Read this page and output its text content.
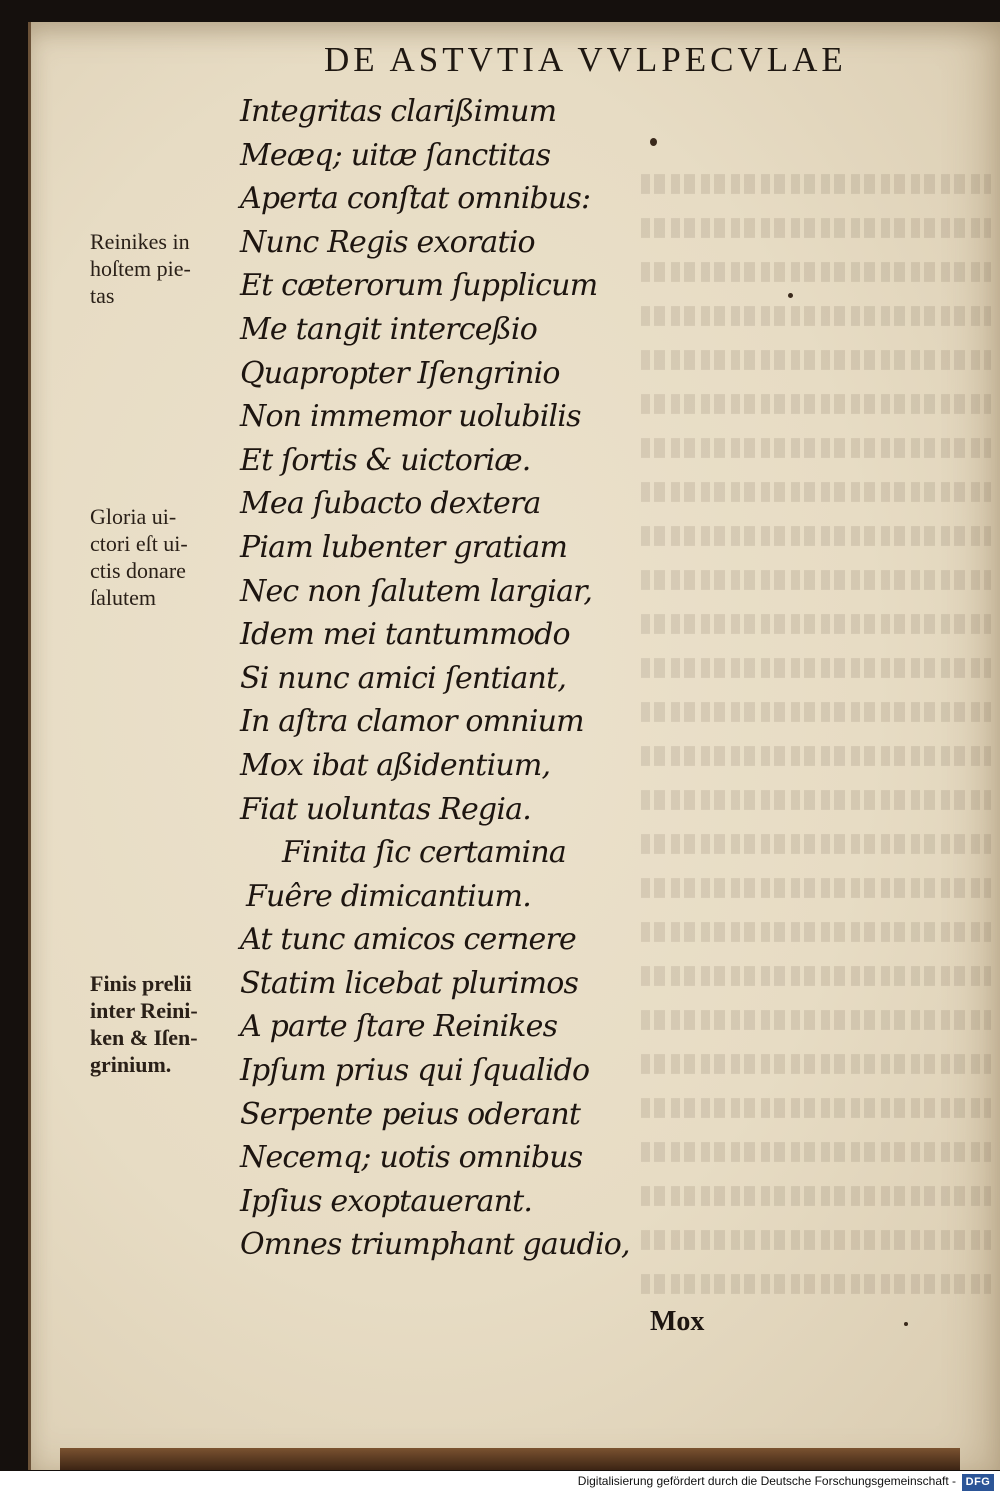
DE ASTVTIA VVLPECVLAE
Integritas clarißimum
Meæq; uitæ ſanctitas
Aperta conſtat omnibus:
Nunc Regis exoratio
Et cæterorum ſupplicum
Me tangit interceßio
Quapropter Iſengrinio
Non immemor uolubilis
Et ſortis & uictoriæ.
Mea ſubacto dextera
Piam lubenter gratiam
Nec non ſalutem largiar,
Idem mei tantummodo
Si nunc amici ſentiant,
In aſtra clamor omnium
Mox ibat aßidentium,
Fiat uoluntas Regia.
Finita ſic certamina
Fuêre dimicantium.
At tunc amicos cernere
Statim licebat plurimos
A parte ſtare Reinikes
Ipſum prius qui ſqualido
Serpente peius oderant
Necemq; uotis omnibus
Ipſius exoptauerant.
Omnes triumphant gaudio,
Reinikes in
hoſtem pie-
tas
Gloria ui-
ctori eſt ui-
ctis donare
ſalutem
Finis prelii
inter Reini-
ken & Iſen-
grinium.
Mox
Digitalisierung gefördert durch die Deutsche Forschungsgemeinschaft - DFG
